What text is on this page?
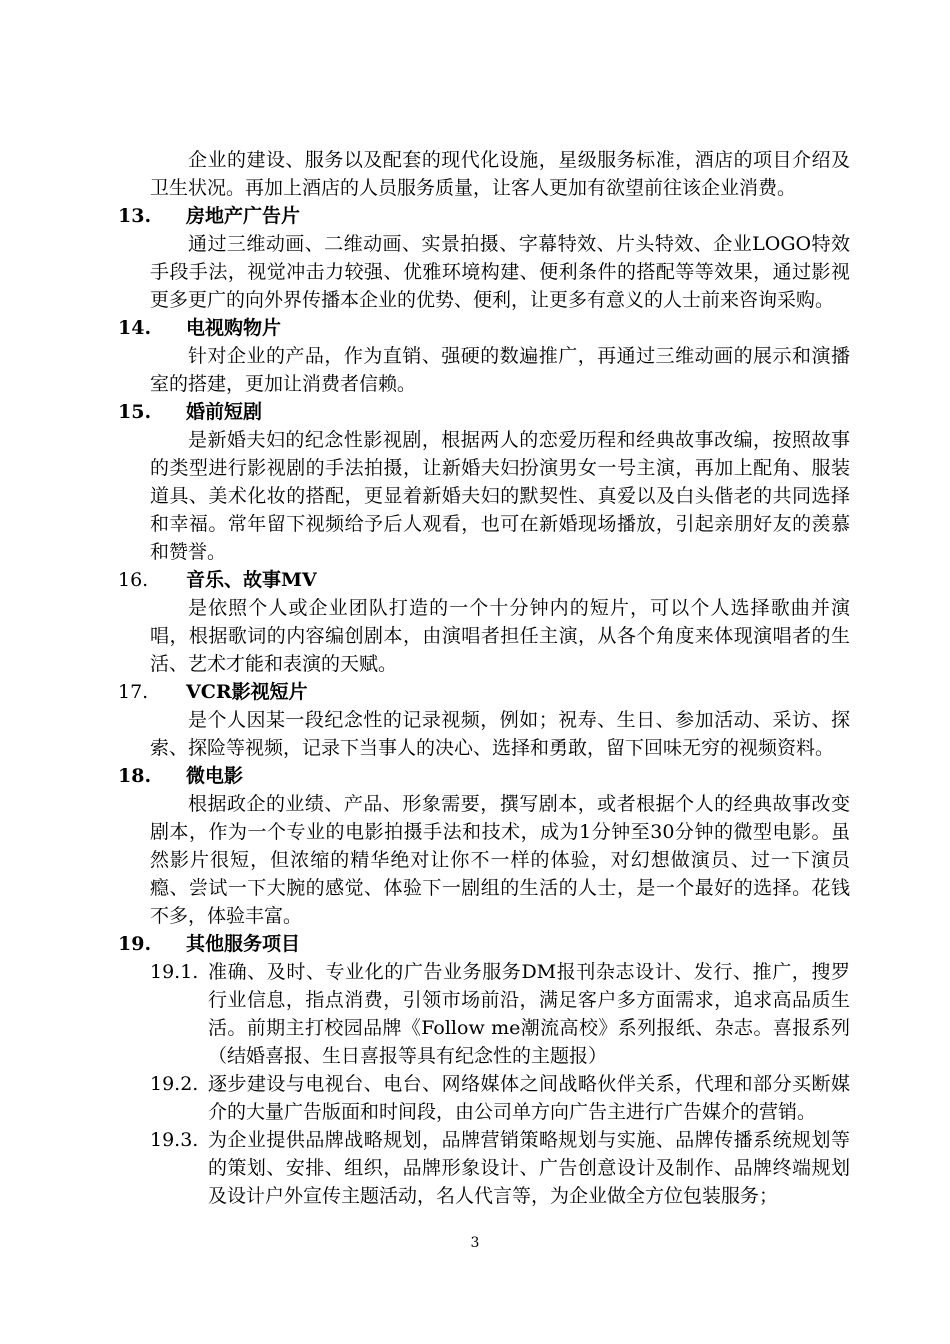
企业的建设、服务以及配套的现代化设施，星级服务标准，酒店的项目介绍及卫生状况。再加上酒店的人员服务质量，让客人更加有欲望前往该企业消费。

13.	房地产广告片

通过三维动画、二维动画、实景拍摄、字幕特效、片头特效、企业LOGO特效手段手法，视觉冲击力较强、优雅环境构建、便利条件的搭配等等效果，通过影视更多更广的向外界传播本企业的优势、便利，让更多有意义的人士前来咨询采购。

14.	电视购物片

针对企业的产品，作为直销、强硬的数遍推广，再通过三维动画的展示和演播室的搭建，更加让消费者信赖。

15.	婚前短剧

是新婚夫妇的纪念性影视剧，根据两人的恋爱历程和经典故事改编，按照故事的类型进行影视剧的手法拍摄，让新婚夫妇扮演男女一号主演，再加上配角、服装道具、美术化妆的搭配，更显着新婚夫妇的默契性、真爱以及白头偕老的共同选择和幸福。常年留下视频给予后人观看，也可在新婚现场播放，引起亲朋好友的羡慕和赞誉。

16.	音乐、故事MV

是依照个人或企业团队打造的一个十分钟内的短片，可以个人选择歌曲并演唱，根据歌词的内容编创剧本，由演唱者担任主演，从各个角度来体现演唱者的生活、艺术才能和表演的天赋。

17.	VCR影视短片

是个人因某一段纪念性的记录视频，例如；祝寿、生日、参加活动、采访、探索、探险等视频，记录下当事人的决心、选择和勇敢，留下回味无穷的视频资料。

18.	微电影

根据政企的业绩、产品、形象需要，撰写剧本，或者根据个人的经典故事改变剧本，作为一个专业的电影拍摄手法和技术，成为1分钟至30分钟的微型电影。虽然影片很短，但浓缩的精华绝对让你不一样的体验，对幻想做演员、过一下演员瘾、尝试一下大腕的感觉、体验下一剧组的生活的人士，是一个最好的选择。花钱不多，体验丰富。

19.	其他服务项目
19.1. 准确、及时、专业化的广告业务服务DM报刊杂志设计、发行、推广，搜罗行业信息，指点消费，引领市场前沿，满足客户多方面需求，追求高品质生活。前期主打校园品牌《Follow me潮流高校》系列报纸、杂志。喜报系列（结婚喜报、生日喜报等具有纪念性的主题报）
19.2. 逐步建设与电视台、电台、网络媒体之间战略伙伴关系，代理和部分买断媒介的大量广告版面和时间段，由公司单方向广告主进行广告媒介的营销。
19.3. 为企业提供品牌战略规划，品牌营销策略规划与实施、品牌传播系统规划等的策划、安排、组织，品牌形象设计、广告创意设计及制作、品牌终端规划及设计户外宣传主题活动，名人代言等，为企业做全方位包装服务；
3
